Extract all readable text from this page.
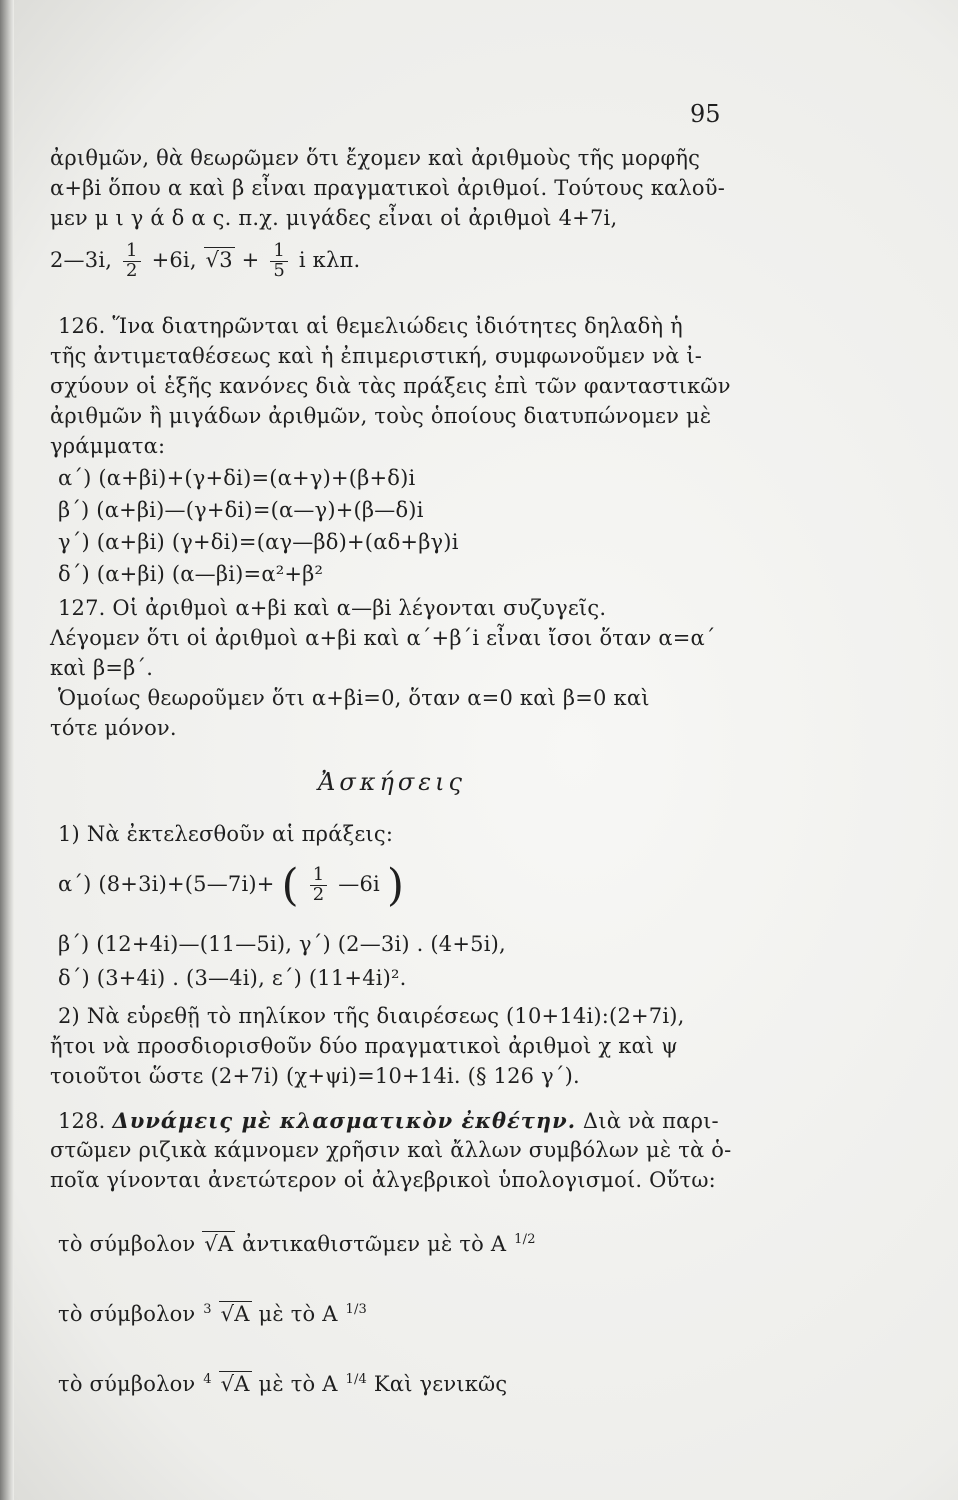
95
ἀριθμῶν, θὰ θεωρῶμεν ὅτι ἔχομεν καὶ ἀριθμοὺς τῆς μορφῆς
α+βi ὅπου α καὶ β εἶναι πραγματικοὶ ἀριθμοί. Τούτους καλοῦ-
μεν μ ι γ ά δ α ς. π.χ. μιγάδες εἶναι οἱ ἀριθμοὶ 4+7i,
2—3i, $\frac{1}{2} +6i$, $√3 + \frac{1}{5}$ i κλπ.
126. Ἵνα διατηρῶνται αἱ θεμελιώδεις ἰδιότητες δηλαδὴ ἡ
τῆς ἀντιμεταθέσεως καὶ ἡ ἐπιμεριστική, συμφωνοῦμεν νὰ ἰ-
σχύουν οἱ ἑξῆς κανόνες διὰ τὰς πράξεις ἐπὶ τῶν φανταστικῶν
ἀριθμῶν ἢ μιγάδων ἀριθμῶν, τοὺς ὁποίους διατυπώνομεν μὲ
γράμματα:
α΄) (α+βi)+(γ+δi)=(α+γ)+(β+δ)i
β΄) (α+βi)—(γ+δi)=(α—γ)+(β—δ)i
γ΄) (α+βi) (γ+δi)=(αγ—βδ)+(αδ+βγ)i
δ΄) (α+βi) (α—βi)=α²+β²
127. Οἱ ἀριθμοὶ α+βi καὶ α—βi λέγονται συζυγεῖς.
Λέγομεν ὅτι οἱ ἀριθμοὶ α+βi καὶ α΄+β΄i εἶναι ἴσοι ὅταν α=α΄
καὶ β=β΄.
Ὁμοίως θεωροῦμεν ὅτι α+βi=0, ὅταν α=0 καὶ β=0 καὶ
τότε μόνον.
Ἀσκήσεις
1) Νὰ ἐκτελεσθοῦν αἱ πράξεις:
α΄) (8+3i)+(5—7i)+ ( $\frac{1}{2}$ —6i )
β΄) (12+4i)—(11—5i), γ΄) (2—3i) . (4+5i),
δ΄) (3+4i) . (3—4i), ε΄) (11+4i)².
2) Νὰ εὑρεθῇ τὸ πηλίκον τῆς διαιρέσεως (10+14i):(2+7i),
ἤτοι νὰ προσδιορισθοῦν δύο πραγματικοὶ ἀριθμοὶ χ καὶ ψ
τοιοῦτοι ὥστε (2+7i) (χ+ψi)=10+14i. (§ 126 γ΄).
128. Δυνάμεις μὲ κλασματικὸν ἐκθέτην. Διὰ νὰ παρι-
στῶμεν ριζικὰ κάμνομεν χρῆσιν καὶ ἄλλων συμβόλων μὲ τὰ ὁ-
ποῖα γίνονται ἀνετώτερον οἱ ἀλγεβρικοὶ ὑπολογισμοί. Οὕτω:
τὸ σύμβολον √A ἀντικαθιστῶμεν μὲ τὸ A $^{1/2}$
τὸ σύμβολον $^3$ √A μὲ τὸ A $^{1/3}$
τὸ σύμβολον $^4$ √A μὲ τὸ A $^{1/4}$ Καὶ γενικῶς
